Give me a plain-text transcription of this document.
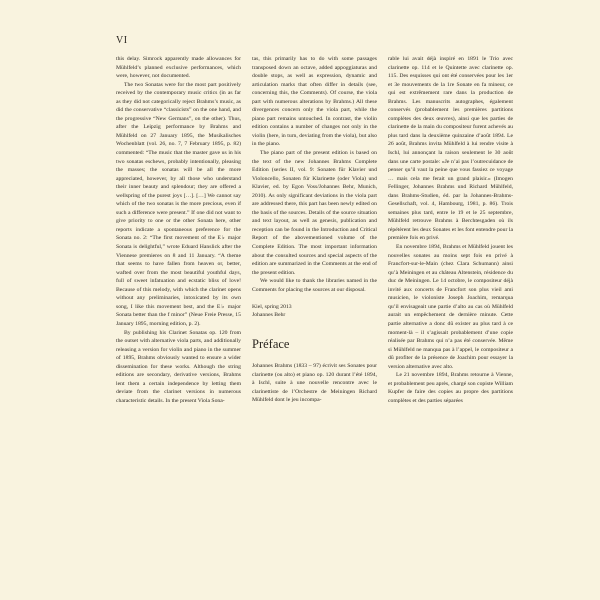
VI

this delay. Simrock apparently made allowances for Mühlfeld’s planned exclusive performances, which were, however, not documented.

The two Sonatas were for the most part positively received by the contemporary music critics (in as far as they did not categorically reject Brahms’s music, as did the conservative “classicists” on the one hand, and the progressive “New Germans”, on the other). Thus, after the Leipzig performance by Brahms and Mühlfeld on 27 January 1895, the Musikalisches Wochenblatt (vol. 26, no. 7, 7 February 1895, p. 82) commented: “The music that the master gave us in his two sonatas eschews, probably intentionally, pleasing the masses; the sonatas will be all the more appreciated, however, by all those who understand their inner beauty and splendour; they are offered a wellspring of the purest joys […]. […] We cannot say which of the two sonatas is the more precious, even if such a difference were present.” If one did not want to give priority to one or the other Sonata here, other reports indicate a spontaneous preference for the Sonata no. 2: “The first movement of the E♭ major Sonata is delightful,” wrote Eduard Hanslick after the Viennese premieres on 8 and 11 January. “A theme that seems to have fallen from heaven or, better, wafted over from the most beautiful youthful days, full of sweet infatuation and ecstatic bliss of love! Because of this melody, with which the clarinet opens without any preliminaries, intoxicated by its own song, I like this movement best, and the E♭ major Sonata better than the f minor” (Neue Freie Presse, 15 January 1895, morning edition, p. 2).

By publishing his Clarinet Sonatas op. 120 from the outset with alternative viola parts, and additionally releasing a version for violin and piano in the summer of 1895, Brahms obviously wanted to ensure a wider dissemination for these works. Although the string editions are secondary, derivative versions, Brahms lent them a certain independence by letting them deviate from the clarinet versions in numerous characteristic details. In the present Viola Sona-

tas, this primarily has to do with some passages transposed down an octave, added appoggiaturas and double stops, as well as expression, dynamic and articulation marks that often differ in details (see, concerning this, the Comments). Of course, the viola part with numerous alterations by Brahms.) All these divergences concern only the viola part, while the piano part remains untouched. In contrast, the violin edition contains a number of changes not only in the violin (here, in turn, deviating from the viola), but also in the piano.

The piano part of the present edition is based on the text of the new Johannes Brahms Complete Edition (series II, vol. 9: Sonaten für Klavier und Violoncello, Sonaten für Klarinette (oder Viola) und Klavier, ed. by Egon Voss/Johannes Behr, Munich, 2010). As only significant deviations in the viola part are addressed there, this part has been newly edited on the basis of the sources. Details of the source situation and text layout, as well as genesis, publication and reception can be found in the Introduction and Critical Report of the abovementioned volume of the Complete Edition. The most important information about the consulted sources and special aspects of the edition are summarized in the Comments at the end of the present edition.

We would like to thank the libraries named in the Comments for placing the sources at our disposal.

Kiel, spring 2013

Johannes Behr

Préface

Johannes Brahms (1833 – 97) écrivit ses Sonates pour clarinette (ou alto) et piano op. 120 durant l’été 1894, à Ischl, suite à une nouvelle rencontre avec le clarinettiste de l’Orchestre de Meiningen Richard Mühlfeld dont le jeu incompa-

rable lui avait déjà inspiré en 1891 le Trio avec clarinette op. 114 et le Quintette avec clarinette op. 115. Des esquisses qui ont été conservées pour les 1er et 3e mouvements de la 1re Sonate en fa mineur, ce qui est extrêmement rare dans la production de Brahms. Les manuscrits autographes, également conservés (probablement les premières partitions complètes des deux œuvres), ainsi que les parties de clarinette de la main du compositeur furent achevés au plus tard dans la deuxième quinzaine d’août 1894. Le 26 août, Brahms invita Mühlfeld à lui rendre visite à Ischl, lui annonçant la raison seulement le 30 août dans une carte postale: «Je n’ai pas l’outrecuidance de penser qu’il vaut la peine que vous fassiez ce voyage … mais cela me ferait un grand plaisir.» (Imogen Fellinger, Johannes Brahms und Richard Mühlfeld, dans Brahms-Studien, éd. par la Johannes-Brahms-Gesellschaft, vol. 4, Hambourg, 1981, p. 86). Trois semaines plus tard, entre le 19 et le 25 septembre, Mühlfeld retrouve Brahms à Berchtesgaden où ils répétèrent les deux Sonates et les font entendre pour la première fois en privé.

En novembre 1894, Brahms et Mühlfeld jouent les nouvelles sonates au moins sept fois en privé à Francfort-sur-le-Main (chez Clara Schumann) ainsi qu’à Meiningen et au château Altenstein, résidence du duc de Meiningen. Le 14 octobre, le compositeur déjà invité aux concerts de Francfort son plus vieil ami musicien, le violoniste Joseph Joachim, remarqua qu’il envisageait une partie d’alto au cas où Mühlfeld aurait un empêchement de dernière minute. Cette partie alternative a donc dû exister au plus tard à ce moment-là – il s’agissait probablement d’une copie réalisée par Brahms qui n’a pas été conservée. Même si Mühlfeld ne manqua pas à l’appel, le compositeur a dû profiter de la présence de Joachim pour essayer la version alternative avec alto.

Le 21 novembre 1894, Brahms retourne à Vienne, et probablement peu après, chargé son copiste William Kupfer de faire des copies au propre des partitions complètes et des parties séparées
